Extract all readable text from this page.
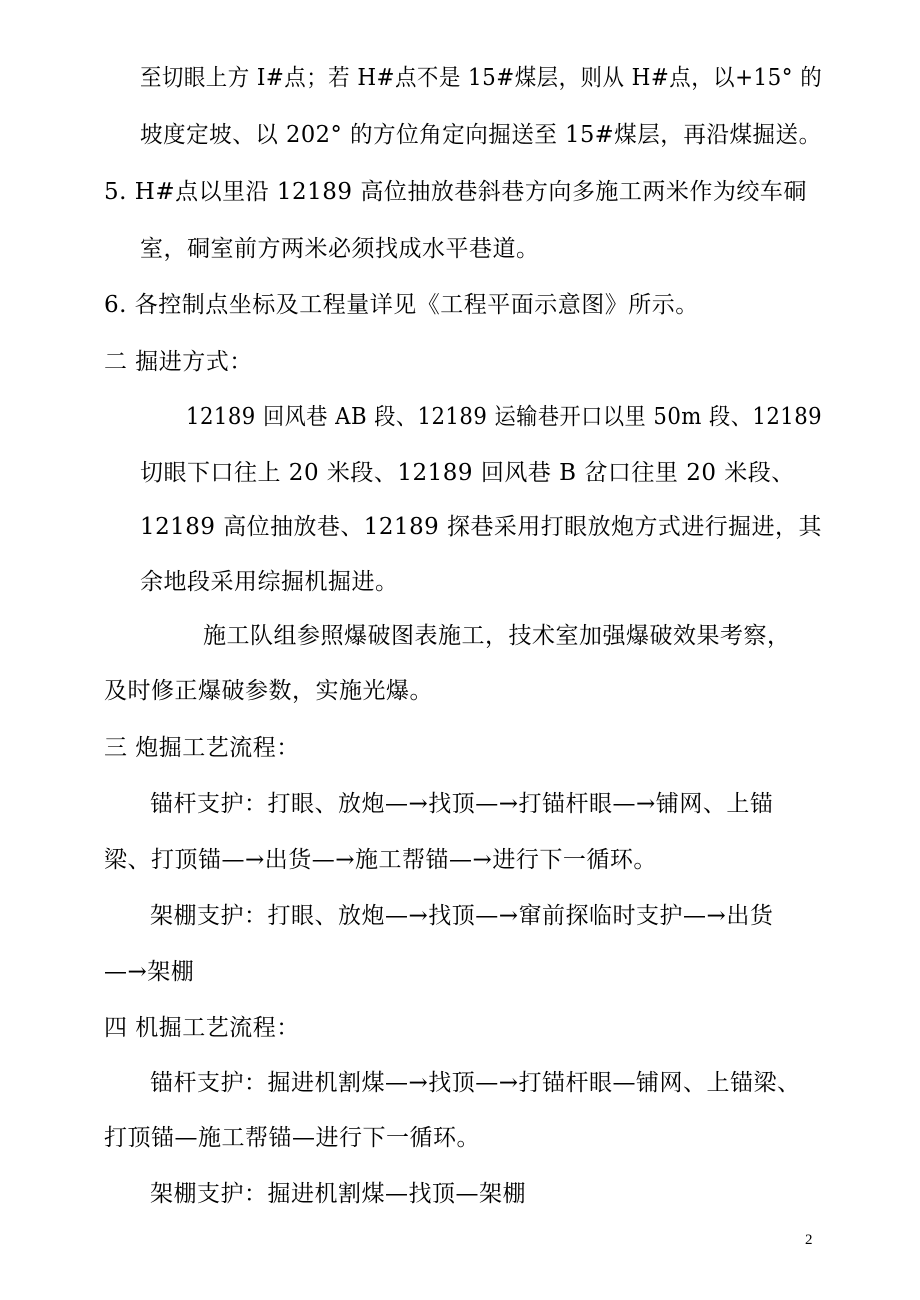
至切眼上方 I#点；若 H#点不是 15#煤层，则从 H#点，以+15° 的
坡度定坡、以 202° 的方位角定向掘送至 15#煤层，再沿煤掘送。
5. H#点以里沿 12189 高位抽放巷斜巷方向多施工两米作为绞车硐
室，硐室前方两米必须找成水平巷道。
6. 各控制点坐标及工程量详见《工程平面示意图》所示。
二 掘进方式：
12189 回风巷 AB 段、12189 运输巷开口以里 50m 段、12189
切眼下口往上 20 米段、12189 回风巷 B 岔口往里 20 米段、
12189 高位抽放巷、12189 探巷采用打眼放炮方式进行掘进，其
余地段采用综掘机掘进。
施工队组参照爆破图表施工，技术室加强爆破效果考察，
及时修正爆破参数，实施光爆。
三 炮掘工艺流程：
锚杆支护：打眼、放炮—→找顶—→打锚杆眼—→铺网、上锚
梁、打顶锚—→出货—→施工帮锚—→进行下一循环。
架棚支护：打眼、放炮—→找顶—→窜前探临时支护—→出货
—→架棚
四 机掘工艺流程：
锚杆支护：掘进机割煤—→找顶—→打锚杆眼—铺网、上锚梁、
打顶锚—施工帮锚—进行下一循环。
架棚支护：掘进机割煤—找顶—架棚
2
